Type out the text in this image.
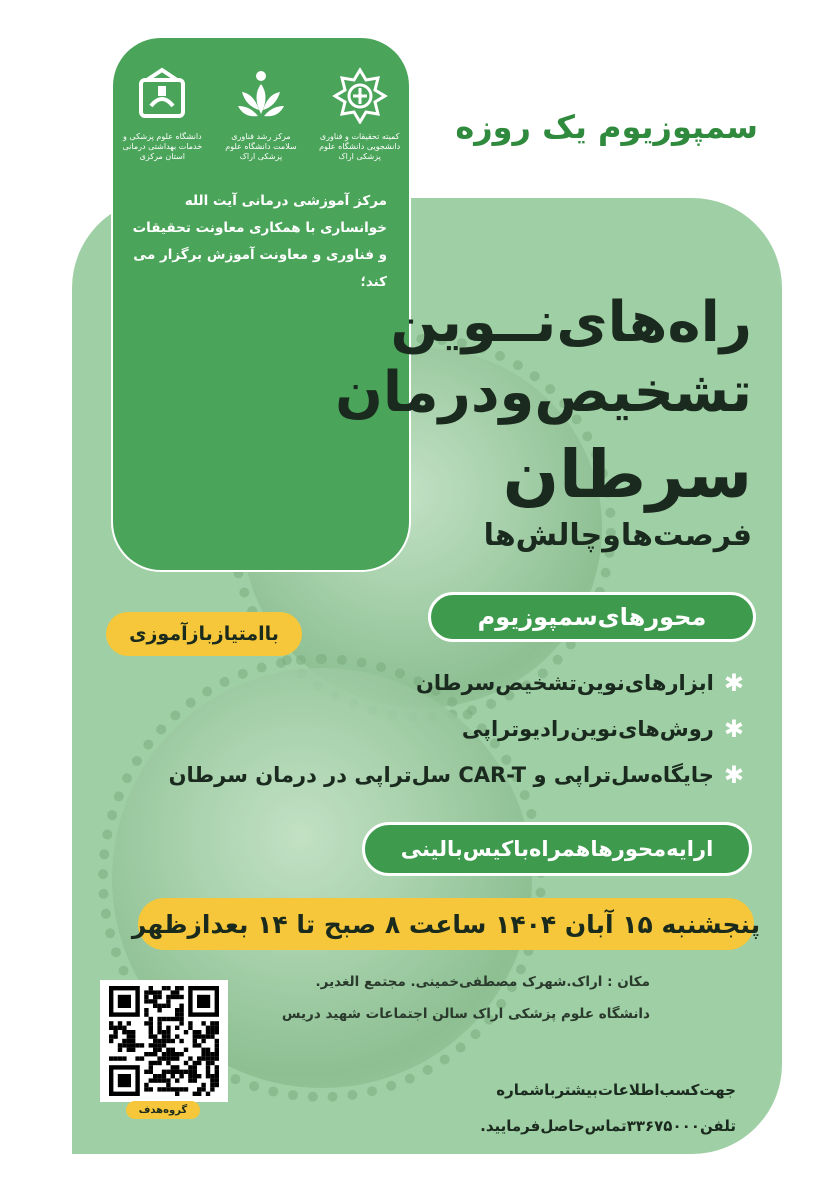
دانشگاه علوم پزشکی و خدمات بهداشتی درمانی استان مرکزی
مرکز رشد فناوری سلامت دانشگاه علوم پزشکی اراک
کمیته تحقیقات و فناوری دانشجویی دانشگاه علوم پزشکی اراک
مرکز آموزشی درمانی آیت الله خوانساری با همکاری معاونت تحقیقات و فناوری و معاونت آموزش برگزار می کند؛
سمپوزیوم یک روزه
راه‌های‌نــوین
تشخیص‌ودرمان
سرطان
فرصت‌هاوچالش‌ها
محورهای‌سمپوزیوم
باامتیازبازآموزی
✱
ابزارهای‌نوین‌تشخیص‌سرطان
✱
روش‌های‌نوین‌رادیوتراپی
✱
جایگاه‌سل‌تراپی و CAR-T سل‌تراپی در درمان سرطان
ارایه‌محورهاهمراه‌باکیس‌بالینی
پنجشنبه ۱۵ آبان ۱۴۰۴ ساعت ۸ صبح تا ۱۴ بعدازظهر
مکان : اراک.شهرک مصطفی‌خمینی. مجتمع الغدیر.
دانشگاه علوم پزشکی اراک سالن اجتماعات شهید دریس
گروه‌هدف
جهت‌کسب‌اطلاعات‌بیشترباشماره
تلفن۳۳۶۷۵۰۰۰تماس‌حاصل‌فرمایید.
